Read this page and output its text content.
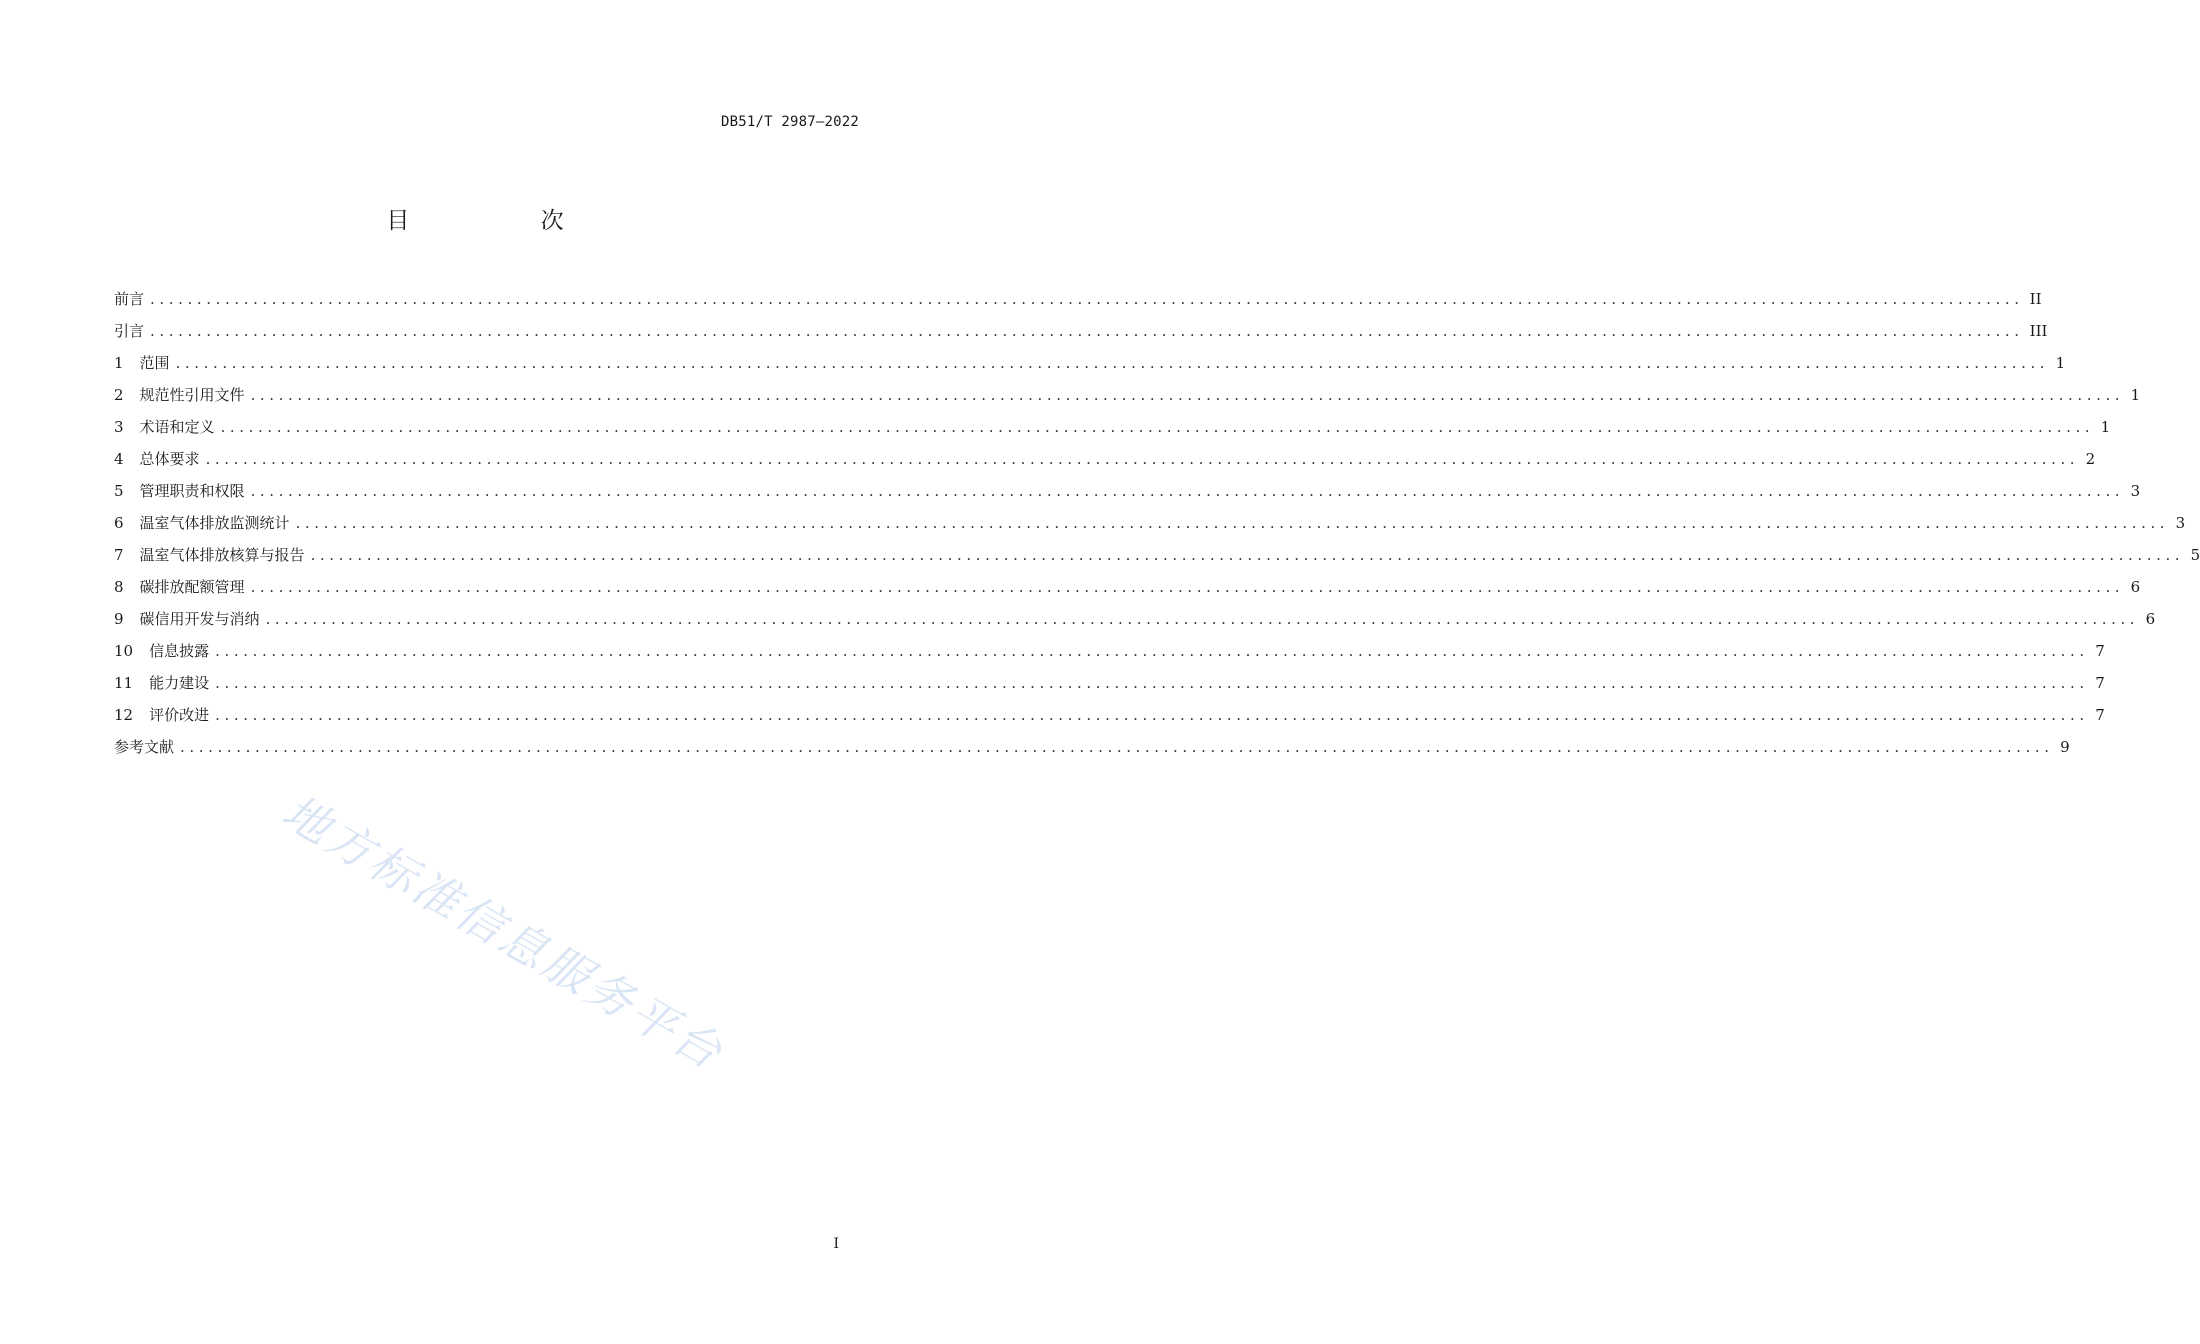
DB51/T 2987—2022
目 次
前言 ........................................................................................................................................................................................................ II
引言 ........................................................................................................................................................................................................ III
1 范围 ........................................................................................................................................................................................................ 1
2 规范性引用文件 ........................................................................................................................................................................................................ 1
3 术语和定义 ........................................................................................................................................................................................................ 1
4 总体要求 ........................................................................................................................................................................................................ 2
5 管理职责和权限 ........................................................................................................................................................................................................ 3
6 温室气体排放监测统计 ........................................................................................................................................................................................................ 3
7 温室气体排放核算与报告 ........................................................................................................................................................................................................ 5
8 碳排放配额管理 ........................................................................................................................................................................................................ 6
9 碳信用开发与消纳 ........................................................................................................................................................................................................ 6
10 信息披露 ........................................................................................................................................................................................................ 7
11 能力建设 ........................................................................................................................................................................................................ 7
12 评价改进 ........................................................................................................................................................................................................ 7
参考文献 ........................................................................................................................................................................................................ 9
地方标准信息服务平台
I
